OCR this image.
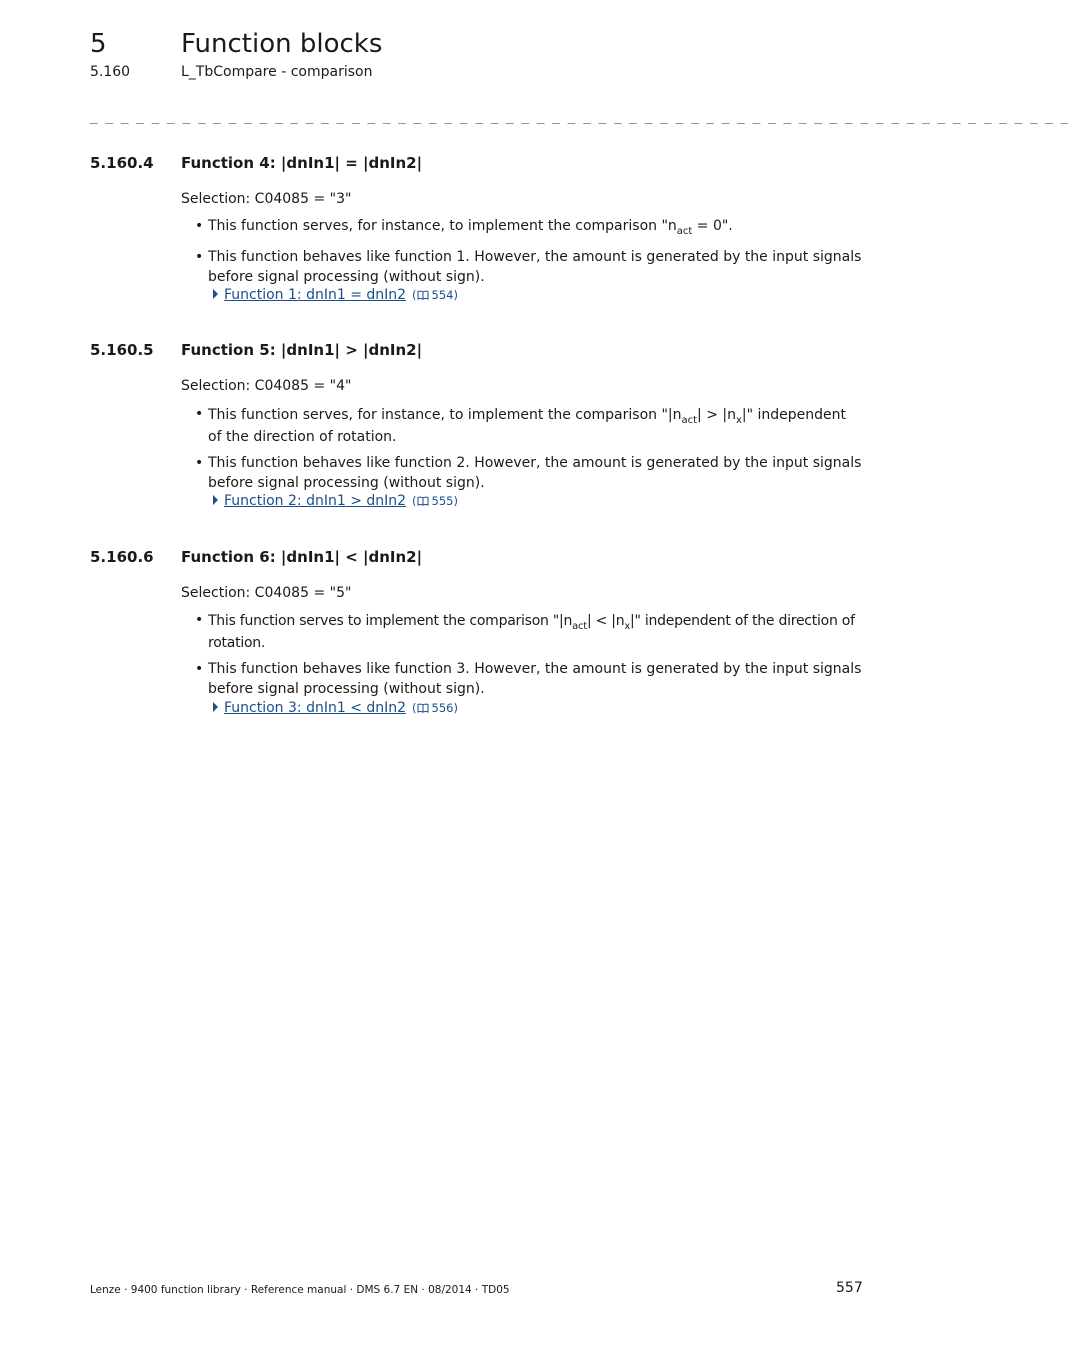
5	Function blocks
5.160	L_TbCompare - comparison
_ _ _ _ _ _ _ _ _ _ _ _ _ _ _ _ _ _ _ _ _ _ _ _ _ _ _ _ _ _ _ _ _ _ _ _ _ _ _ _ _ _ _ _ _ _ _ _ _ _ _ _ _ _ _ _ _ _ _ _ _ _ _ _
5.160.4 Function 4: |dnIn1| = |dnIn2|
Selection: C04085 = "3"
• This function serves, for instance, to implement the comparison "$n_{act} = 0$".
• This function behaves like function 1. However, the amount is generated by the input signals before signal processing (without sign).
Function 1: dnIn1 = dnIn2 ( 554)
5.160.5 Function 5: |dnIn1| > |dnIn2|
Selection: C04085 = "4"
• This function serves, for instance, to implement the comparison "$|n_{act}| > |n_x|$" independent of the direction of rotation.
• This function behaves like function 2. However, the amount is generated by the input signals before signal processing (without sign).
Function 2: dnIn1 > dnIn2 ( 555)
5.160.6 Function 6: |dnIn1| < |dnIn2|
Selection: C04085 = "5"
• This function serves to implement the comparison "$|n_{act}| < |n_x|$" independent of the direction of rotation.
• This function behaves like function 3. However, the amount is generated by the input signals before signal processing (without sign).
Function 3: dnIn1 < dnIn2 ( 556)
Lenze · 9400 function library · Reference manual · DMS 6.7 EN · 08/2014 · TD05	557
